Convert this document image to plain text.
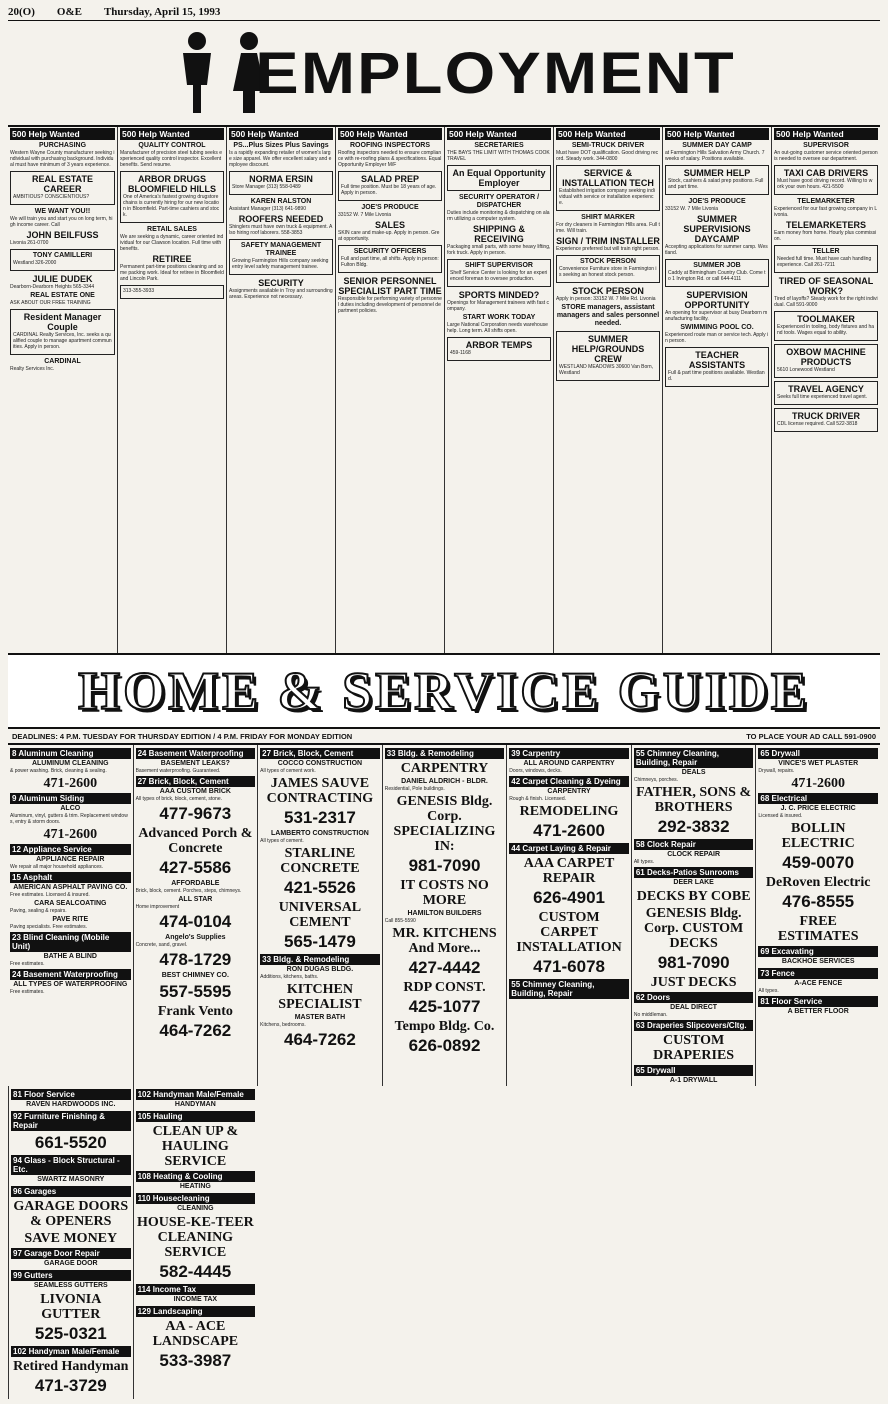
20(O) O&E Thursday, April 15, 1993
EMPLOYMENT
500 Help Wanted
PURCHASING
Western Wayne County manufacturer seeking individual with purchasing background. Individual must have minimum of 3 years experience.
REAL ESTATE CAREER
AMBITIOUS? CONSCIENTIOUS?
WE WANT YOU!!
We will train you and start you on long term, high income career. Call
JOHN BEILFUSS
Livonia 261-0700
TONY CAMILLERI
Westland 326-2000
JULIE DUDEK
Dearborn-Dearborn Heights 565-3344
REAL ESTATE ONE
ASK ABOUT OUR FREE TRAINING
Resident Manager Couple
CARDINAL Realty Services, Inc. seeks a qualified couple to manage apartment communities. Apply in person.
CARDINAL
Realty Services Inc.
500 Help Wanted
QUALITY CONTROL
Manufacturer of precision steel tubing seeks experienced quality control inspector. Excellent benefits. Send resume.
ARBOR DRUGS BLOOMFIELD HILLS
One of America's fastest growing drugstore chains is currently hiring for our new location in Bloomfield. Part-time cashiers and stock.
RETAIL SALES
We are seeking a dynamic, career oriented individual for our Clawson location. Full time with benefits.
RETIREE
Permanent part-time positions cleaning and some packing work. Ideal for retiree in Bloomfield and Lincoln Park.
313-355-3933
500 Help Wanted
PS...Plus Sizes Plus Savings
Is a rapidly expanding retailer of women's large size apparel. We offer excellent salary and employee discount.
NORMA ERSIN
Store Manager (313) 558-0489
KAREN RALSTON
Assistant Manager (313) 641-9890
ROOFERS NEEDED
Shinglers must have own truck & equipment. Also hiring roof laborers. 558-3853
SAFETY MANAGEMENT TRAINEE
Growing Farmington Hills company seeking entry level safety management trainee.
SECURITY
Assignments available in Troy and surrounding areas. Experience not necessary.
500 Help Wanted
ROOFING INSPECTORS
Roofing inspectors needed to ensure compliance with re-roofing plans & specifications. Equal Opportunity Employer M/F
SALAD PREP
Full time position. Must be 18 years of age. Apply in person.
JOE'S PRODUCE
33152 W. 7 Mile Livonia
SALES
SKIN care and make-up. Apply in person. Great opportunity.
SECURITY OFFICERS
Full and part time, all shifts. Apply in person: Fulton Bldg.
SENIOR PERSONNEL SPECIALIST PART TIME
Responsible for performing variety of personnel duties including development of personnel department policies.
500 Help Wanted
SECRETARIES
THE BAYS THE LIMIT WITH THOMAS COOK TRAVEL
An Equal Opportunity Employer
SECURITY OPERATOR / DISPATCHER
Duties include monitoring & dispatching on alarm utilizing a computer system.
SHIPPING & RECEIVING
Packaging small parts, with some heavy lifting, fork truck. Apply in person.
SHIFT SUPERVISOR
Shelf Service Center is looking for an experienced foreman to oversee production.
SPORTS MINDED?
Openings for Management trainees with fast company.
START WORK TODAY
Large National Corporation needs warehouse help. Long term. All shifts open.
ARBOR TEMPS
459-1168
500 Help Wanted
SEMI-TRUCK DRIVER
Must have DOT qualification. Good driving record. Steady work. 344-0800
SERVICE & INSTALLATION TECH
Established irrigation company seeking individual with service or installation experience.
SHIRT MARKER
For dry cleaners in Farmington Hills area. Full time. Will train.
SIGN / TRIM INSTALLER
Experience preferred but will train right person.
STOCK PERSON
Convenience Furniture store in Farmington is seeking an honest stock person.
STOCK PERSON
Apply in person: 33152 W. 7 Mile Rd. Livonia
STORE managers, assistant managers and sales personnel needed.
SUMMER HELP/GROUNDS CREW
WESTLAND MEADOWS 30600 Van Born, Westland
500 Help Wanted
SUMMER DAY CAMP
at Farmington Hills Salvation Army Church. 7 weeks of salary. Positions available.
SUMMER HELP
Stock, cashiers & salad prep positions. Full and part time.
JOE'S PRODUCE
33152 W. 7 Mile Livonia
SUMMER SUPERVISIONS DAYCAMP
Accepting applications for summer camp. Westland.
SUMMER JOB
Caddy at Birmingham Country Club. Come to 1 Irvington Rd. or call 644-4111
SUPERVISION OPPORTUNITY
An opening for supervisor at busy Dearborn manufacturing facility.
SWIMMING POOL CO.
Experienced route man or service tech. Apply in person.
TEACHER ASSISTANTS
Full & part time positions available. Westland.
500 Help Wanted
SUPERVISOR
An out-going customer service oriented person is needed to oversee our department.
TAXI CAB DRIVERS
Must have good driving record. Willing to work your own hours. 421-5500
TELEMARKETER
Experienced for our fast growing company in Livonia.
TELEMARKETERS
Earn money from home. Hourly plus commission.
TELLER
Needed full time. Must have cash handling experience. Call 261-7211
TIRED OF SEASONAL WORK?
Tired of layoffs? Steady work for the right individual. Call 591-9000
TOOLMAKER
Experienced in tooling, body fixtures and hand tools. Wages equal to ability.
OXBOW MACHINE PRODUCTS
5610 Lonewood Westland
TRAVEL AGENCY
Seeks full time experienced travel agent.
TRUCK DRIVER
CDL license required. Call 522-3818
HOME & SERVICE GUIDE
DEADLINES: 4 P.M. TUESDAY FOR THURSDAY EDITION / 4 P.M. FRIDAY FOR MONDAY EDITION	TO PLACE YOUR AD CALL 591-0900
8 Aluminum Cleaning
ALUMINUM CLEANING
& power washing. Brick, cleaning & sealing.
471-2600
9 Aluminum Siding
ALCO
Aluminum, vinyl, gutters & trim. Replacement windows, entry & storm doors.
471-2600
12 Appliance Service
APPLIANCE REPAIR
We repair all major household appliances.
15 Asphalt
AMERICAN ASPHALT PAVING CO.
Free estimates. Licensed & insured.
CARA SEALCOATING
Paving, sealing & repairs.
PAVE RITE
Paving specialists. Free estimates.
23 Blind Cleaning (Mobile Unit)
BATHE A BLIND
Free estimates.
24 Basement Waterproofing
ALL TYPES OF WATERPROOFING
Free estimates.
24 Basement Waterproofing
BASEMENT LEAKS?
Basement waterproofing. Guaranteed.
27 Brick, Block, Cement
AAA CUSTOM BRICK
All types of brick, block, cement, stone.
477-9673
Advanced Porch & Concrete
427-5586
AFFORDABLE
Brick, block, cement. Porches, steps, chimneys.
ALL STAR
Home improvement
474-0104
Angelo's Supplies
Concrete, sand, gravel.
478-1729
BEST CHIMNEY CO.
557-5595
Frank Vento
464-7262
27 Brick, Block, Cement
COCCO CONSTRUCTION
All types of cement work.
JAMES SAUVE CONTRACTING
531-2317
LAMBERTO CONSTRUCTION
All types of cement.
STARLINE CONCRETE
421-5526
UNIVERSAL CEMENT
565-1479
33 Bldg. & Remodeling
RON DUGAS BLDG.
Additions, kitchens, baths.
KITCHEN SPECIALIST
MASTER BATH
Kitchens, bedrooms.
464-7262
33 Bldg. & Remodeling
CARPENTRY
DANIEL ALDRICH - BLDR.
Residential, Pole buildings.
GENESIS Bldg. Corp. SPECIALIZING IN:
981-7090
IT COSTS NO MORE
HAMILTON BUILDERS
Call 855-5590
MR. KITCHENS And More...
427-4442
RDP CONST.
425-1077
Tempo Bldg. Co.
626-0892
39 Carpentry
ALL AROUND CARPENTRY
Doors, windows, decks.
42 Carpet Cleaning & Dyeing
CARPENTRY
Rough & finish. Licensed.
REMODELING
471-2600
44 Carpet Laying & Repair
AAA CARPET REPAIR
626-4901
CUSTOM CARPET INSTALLATION
471-6078
55 Chimney Cleaning, Building, Repair
55 Chimney Cleaning, Building, Repair
DEALS
Chimneys, porches.
FATHER, SONS & BROTHERS
292-3832
58 Clock Repair
CLOCK REPAIR
All types.
61 Decks-Patios Sunrooms
DEER LAKE
DECKS BY COBE
GENESIS Bldg. Corp. CUSTOM DECKS
981-7090
JUST DECKS
62 Doors
DEAL DIRECT
No middleman.
63 Draperies Slipcovers/Cltg.
CUSTOM DRAPERIES
65 Drywall
A-1 DRYWALL
65 Drywall
VINCE'S WET PLASTER
Drywall, repairs.
471-2600
68 Electrical
J. C. PRICE ELECTRIC
Licensed & insured.
BOLLIN ELECTRIC
459-0070
DeRoven Electric
476-8555
FREE ESTIMATES
69 Excavating
BACKHOE SERVICES
73 Fence
A-ACE FENCE
All types.
81 Floor Service
A BETTER FLOOR
81 Floor Service
RAVEN HARDWOODS INC.
92 Furniture Finishing & Repair
661-5520
94 Glass - Block Structural - Etc.
SWARTZ MASONRY
96 Garages
GARAGE DOORS & OPENERS
SAVE MONEY
97 Garage Door Repair
GARAGE DOOR
99 Gutters
SEAMLESS GUTTERS
LIVONIA GUTTER
525-0321
102 Handyman Male/Female
Retired Handyman
471-3729
102 Handyman Male/Female
HANDYMAN
105 Hauling
CLEAN UP & HAULING SERVICE
108 Heating & Cooling
HEATING
110 Housecleaning
CLEANING
HOUSE-KE-TEER CLEANING SERVICE
582-4445
114 Income Tax
INCOME TAX
129 Landscaping
AA - ACE LANDSCAPE
533-3987
